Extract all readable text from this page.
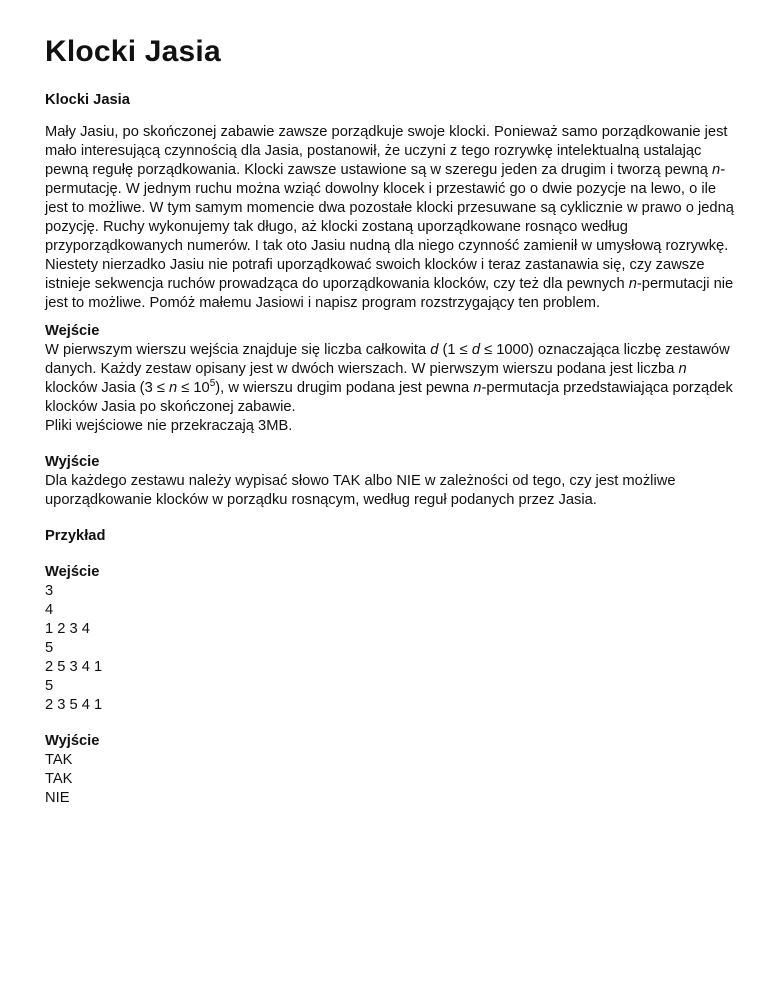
Klocki Jasia
Klocki Jasia
Mały Jasiu, po skończonej zabawie zawsze porządkuje swoje klocki. Ponieważ samo porządkowanie jest mało interesującą czynnością dla Jasia, postanowił, że uczyni z tego rozrywkę intelektualną ustalając pewną regułę porządkowania. Klocki zawsze ustawione są w szeregu jeden za drugim i tworzą pewną n-permutację. W jednym ruchu można wziąć dowolny klocek i przestawić go o dwie pozycje na lewo, o ile jest to możliwe. W tym samym momencie dwa pozostałe klocki przesuwane są cyklicznie w prawo o jedną pozycję. Ruchy wykonujemy tak długo, aż klocki zostaną uporządkowane rosnąco według przyporządkowanych numerów. I tak oto Jasiu nudną dla niego czynność zamienił w umysłową rozrywkę. Niestety nierzadko Jasiu nie potrafi uporządkować swoich klocków i teraz zastanawia się, czy zawsze istnieje sekwencja ruchów prowadząca do uporządkowania klocków, czy też dla pewnych n-permutacji nie jest to możliwe. Pomóż małemu Jasiowi i napisz program rozstrzygający ten problem.
Wejście
W pierwszym wierszu wejścia znajduje się liczba całkowita d (1 ≤ d ≤ 1000) oznaczająca liczbę zestawów danych. Każdy zestaw opisany jest w dwóch wierszach. W pierwszym wierszu podana jest liczba n klocków Jasia $(3 \le n \le 10^5)$, w wierszu drugim podana jest pewna n-permutacja przedstawiająca porządek klocków Jasia po skończonej zabawie.
Pliki wejściowe nie przekraczają 3MB.
Wyjście
Dla każdego zestawu należy wypisać słowo TAK albo NIE w zależności od tego, czy jest możliwe uporządkowanie klocków w porządku rosnącym, według reguł podanych przez Jasia.
Przykład
Wejście
3
4
1 2 3 4
5
2 5 3 4 1
5
2 3 5 4 1
Wyjście
TAK
TAK
NIE
